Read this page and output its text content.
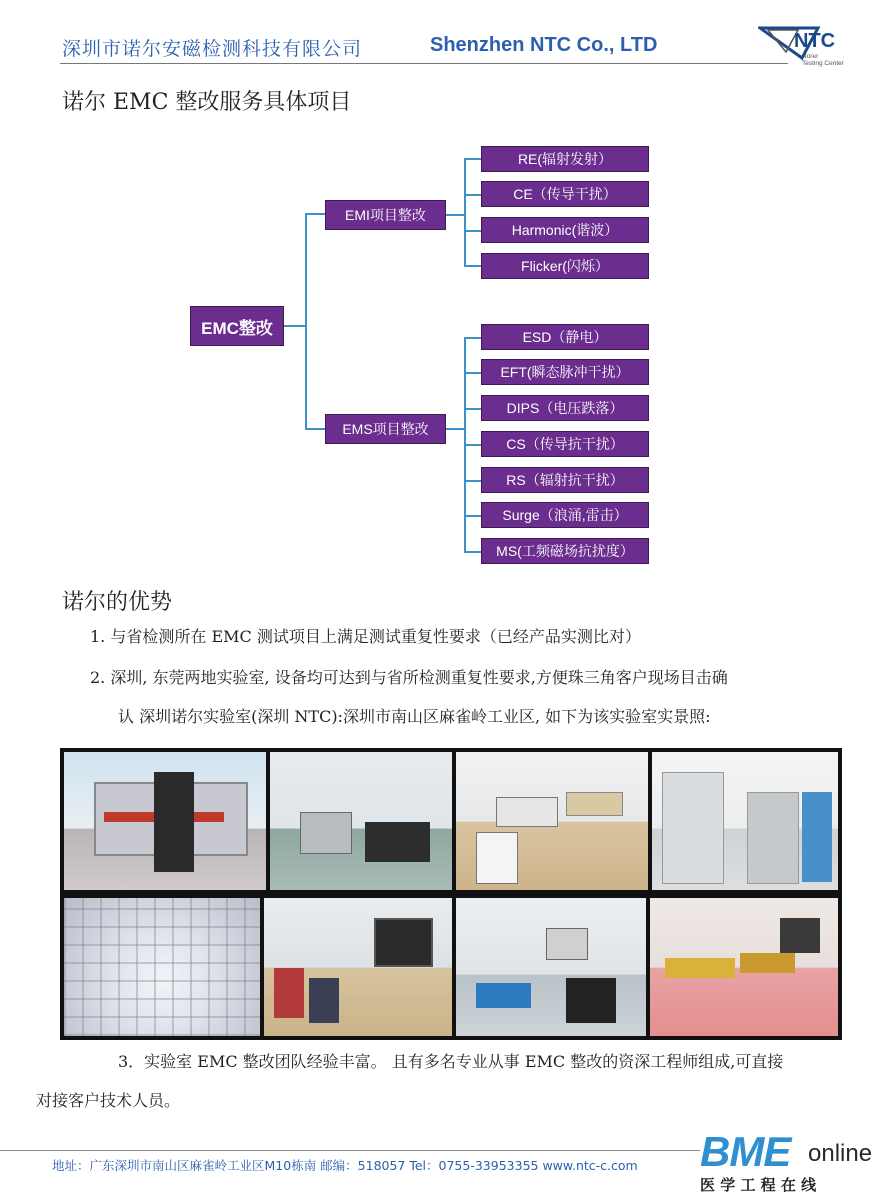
深圳市诺尔安磁检测科技有限公司	Shenzhen NTC Co., LTD	NTC
Norer
Testing Center
诺尔 EMC 整改服务具体项目
EMC整改
EMI项目整改
RE(辐射发射）
CE（传导干扰）
Harmonic(谐波）
Flicker(闪烁）
EMS项目整改
ESD（静电）
EFT(瞬态脉冲干扰）
DIPS（电压跌落）
CS（传导抗干扰）
RS（辐射抗干扰）
Surge（浪涌,雷击）
MS(工频磁场抗扰度）
诺尔的优势
1. 与省检测所在 EMC 测试项目上满足测试重复性要求（已经产品实测比对）
2. 深圳, 东莞两地实验室, 设备均可达到与省所检测重复性要求,方便珠三角客户现场目击确
认 深圳诺尔实验室(深圳 NTC):深圳市南山区麻雀岭工业区, 如下为该实验室实景照:
3．实验室 EMC 整改团队经验丰富。 且有多名专业从事 EMC 整改的资深工程师组成,可直接
对接客户技术人员。
地址：广东深圳市南山区麻雀岭工业区M10栋南 邮编：518057 Tel：0755-33953355 www.ntc-c.com BME online
医 学 工 程 在 线
